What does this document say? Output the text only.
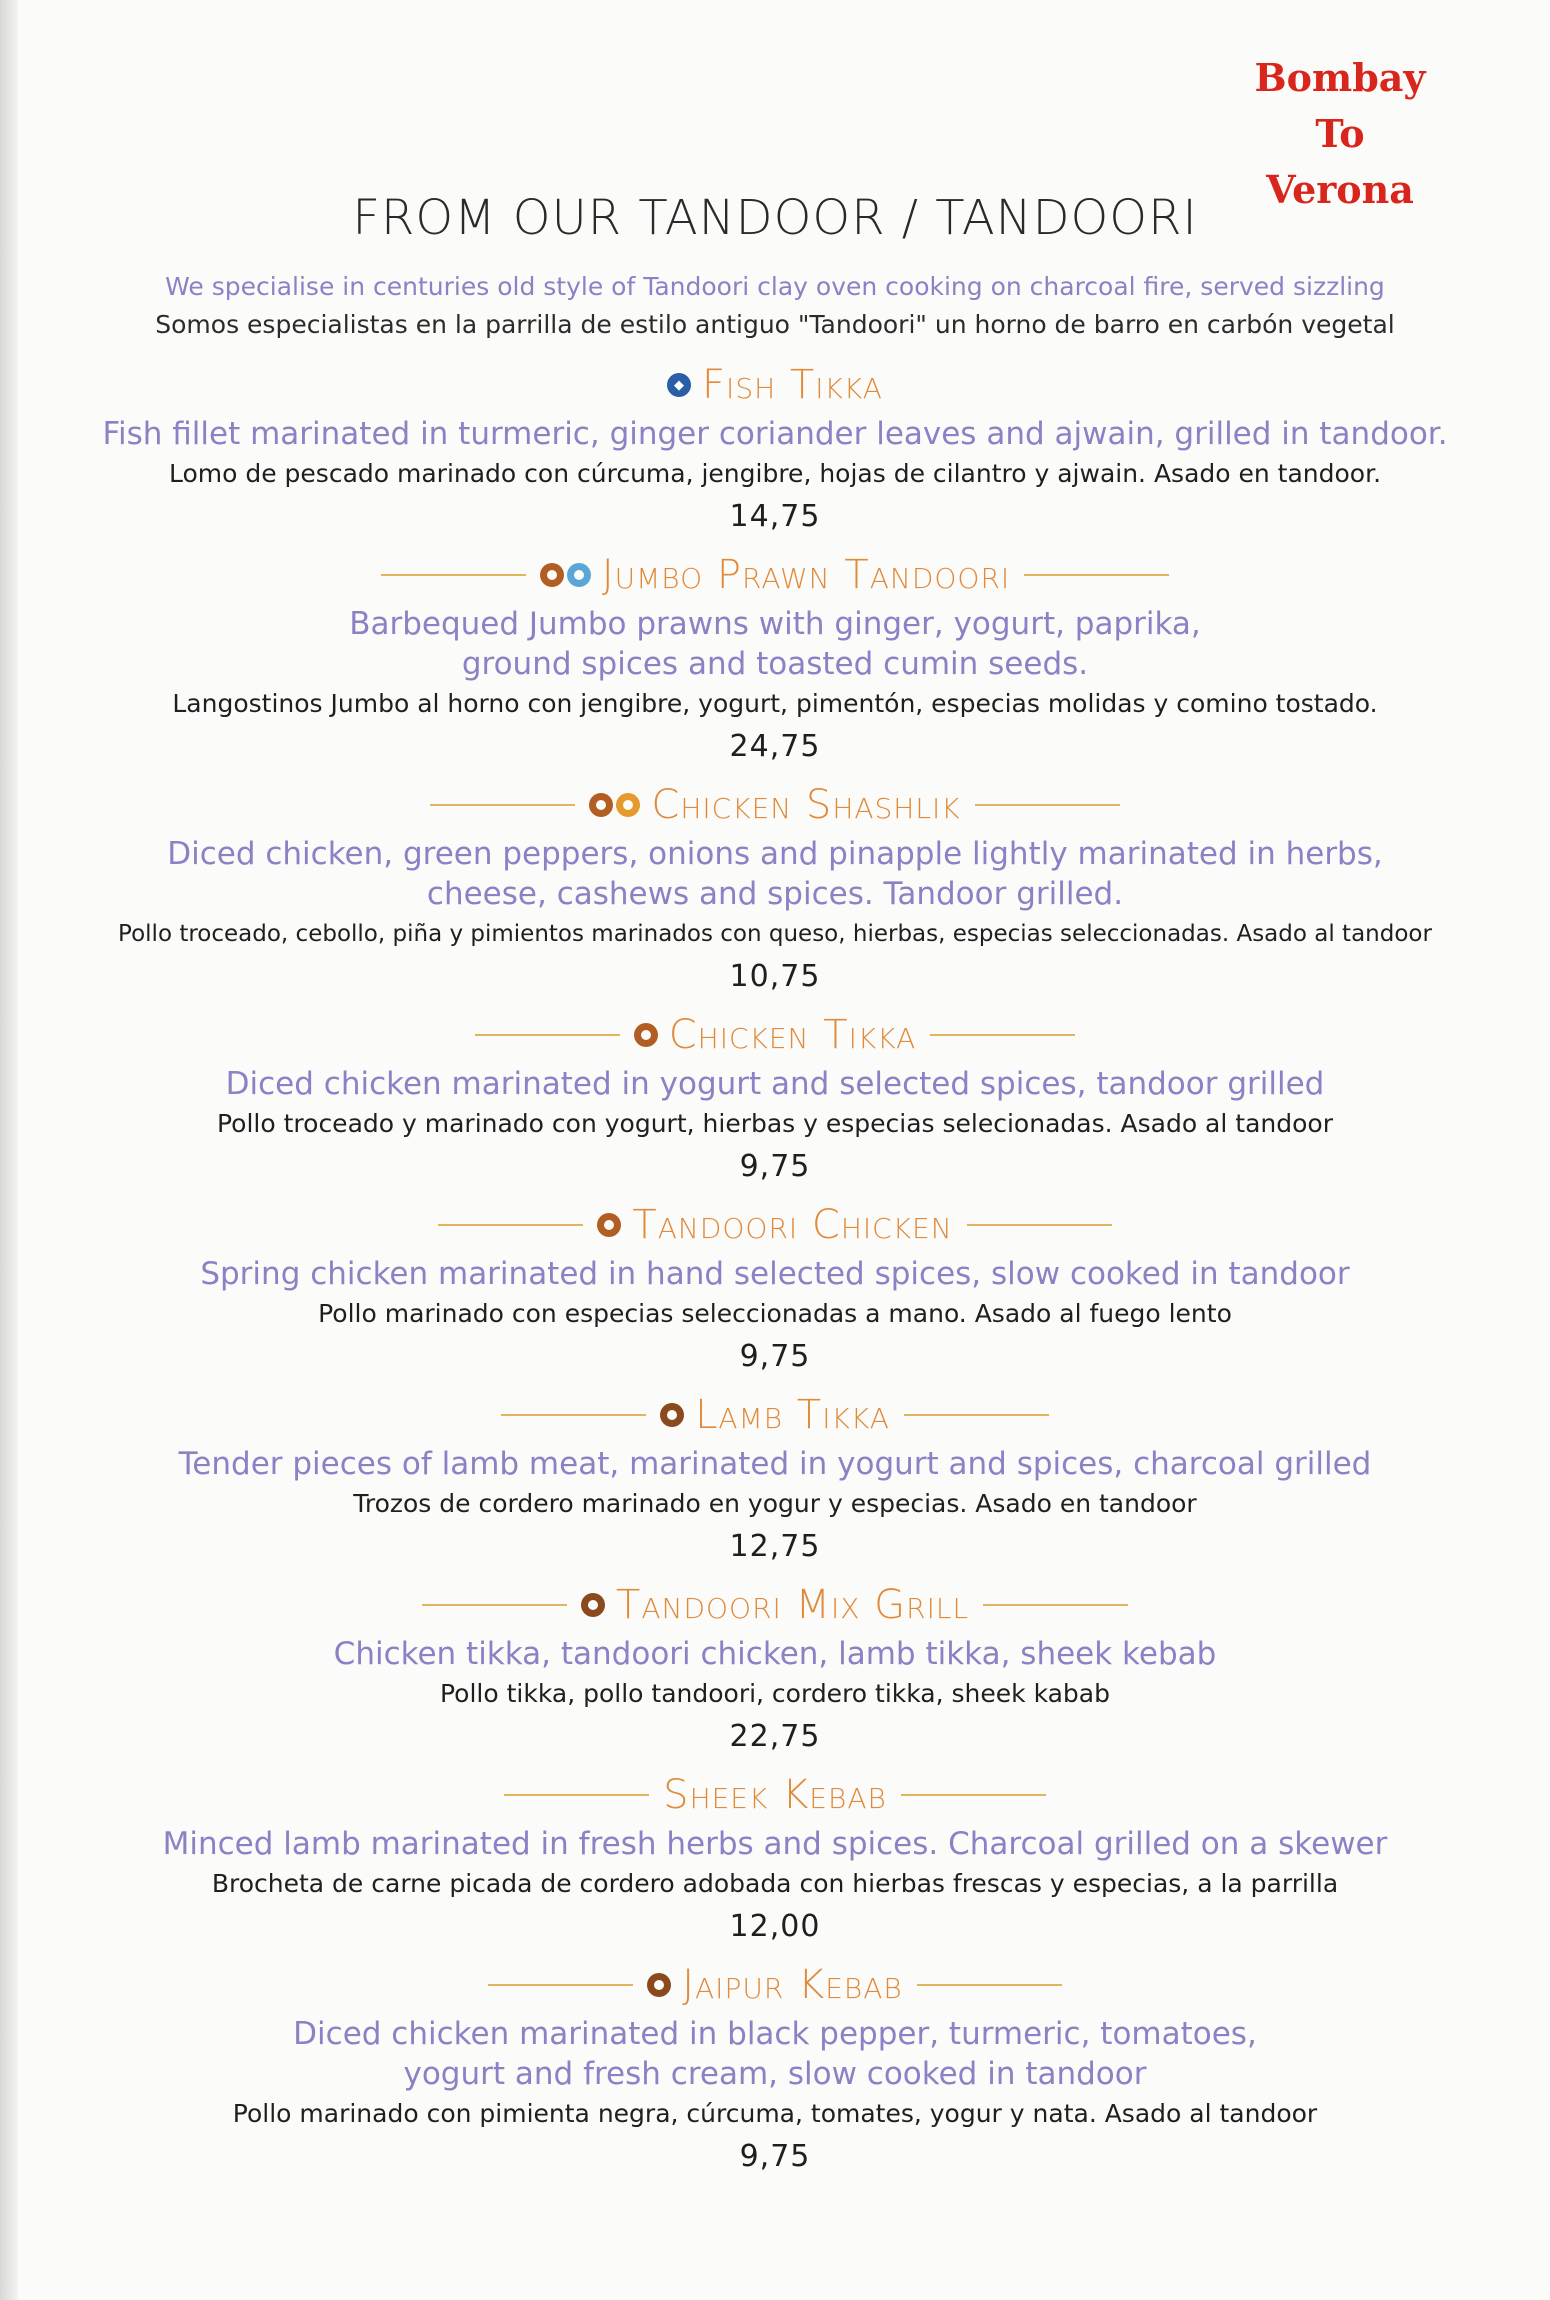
Bombay
To
Verona
FROM OUR TANDOOR / TANDOORI
We specialise in centuries old style of Tandoori clay oven cooking on charcoal fire, served sizzling
Somos especialistas en la parrilla de estilo antiguo "Tandoori" un horno de barro en carbón vegetal
◆ Fish Tikka
Fish fillet marinated in turmeric, ginger coriander leaves and ajwain, grilled in tandoor.
Lomo de pescado marinado con cúrcuma, jengibre, hojas de cilantro y ajwain. Asado en tandoor.
14,75
Jumbo Prawn Tandoori
Barbequed Jumbo prawns with ginger, yogurt, paprika,
ground spices and toasted cumin seeds.
Langostinos Jumbo al horno con jengibre, yogurt, pimentón, especias molidas y comino tostado.
24,75
Chicken Shashlik
Diced chicken, green peppers, onions and pinapple lightly marinated in herbs,
cheese, cashews and spices. Tandoor grilled.
Pollo troceado, cebollo, piña y pimientos marinados con queso, hierbas, especias seleccionadas. Asado al tandoor
10,75
Chicken Tikka
Diced chicken marinated in yogurt and selected spices, tandoor grilled
Pollo troceado y marinado con yogurt, hierbas y especias selecionadas. Asado al tandoor
9,75
Tandoori Chicken
Spring chicken marinated in hand selected spices, slow cooked in tandoor
Pollo marinado con especias seleccionadas a mano. Asado al fuego lento
9,75
Lamb Tikka
Tender pieces of lamb meat, marinated in yogurt and spices, charcoal grilled
Trozos de cordero marinado en yogur y especias. Asado en tandoor
12,75
Tandoori Mix Grill
Chicken tikka, tandoori chicken, lamb tikka, sheek kebab
Pollo tikka, pollo tandoori, cordero tikka, sheek kabab
22,75
Sheek Kebab
Minced lamb marinated in fresh herbs and spices. Charcoal grilled on a skewer
Brocheta de carne picada de cordero adobada con hierbas frescas y especias, a la parrilla
12,00
Jaipur Kebab
Diced chicken marinated in black pepper, turmeric, tomatoes,
yogurt and fresh cream, slow cooked in tandoor
Pollo marinado con pimienta negra, cúrcuma, tomates, yogur y nata. Asado al tandoor
9,75
